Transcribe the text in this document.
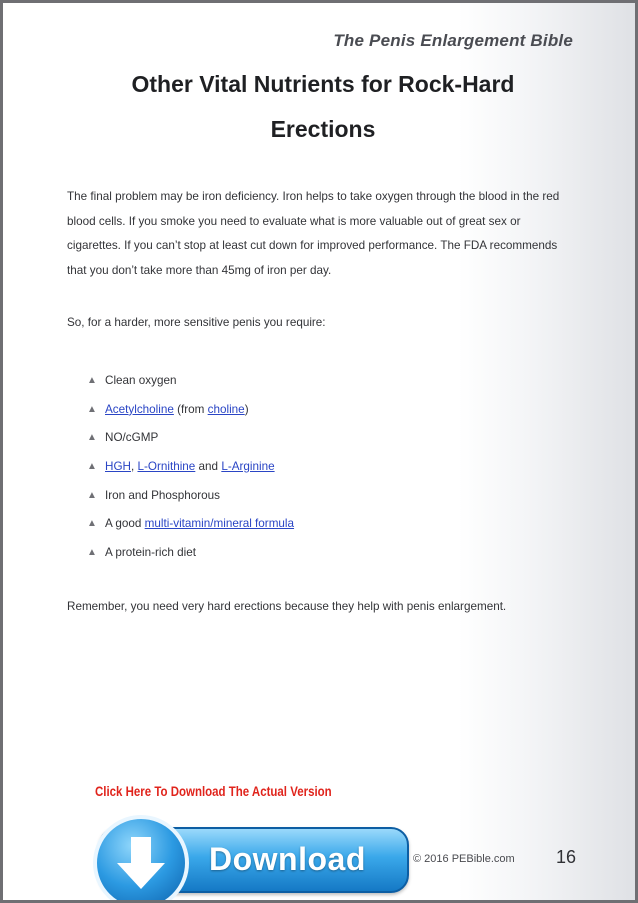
The Penis Enlargement Bible
Other Vital Nutrients for Rock-Hard
Erections
The final problem may be iron deficiency. Iron helps to take oxygen through the blood in the red blood cells. If you smoke you need to evaluate what is more valuable out of great sex or cigarettes. If you can’t stop at least cut down for improved performance. The FDA recommends that you don’t take more than 45mg of iron per day.
So, for a harder, more sensitive penis you require:
▲ Clean oxygen
▲ Acetylcholine (from choline )
▲ NO/cGMP
▲ HGH , L-Ornithine and L-Arginine
▲ Iron and Phosphorous
▲ A good multi-vitamin/mineral formula
▲ A protein-rich diet
Remember, you need very hard erections because they help with penis enlargement.
Click Here To Download The Actual Version
Download	© 2016 PEBible.com 16
